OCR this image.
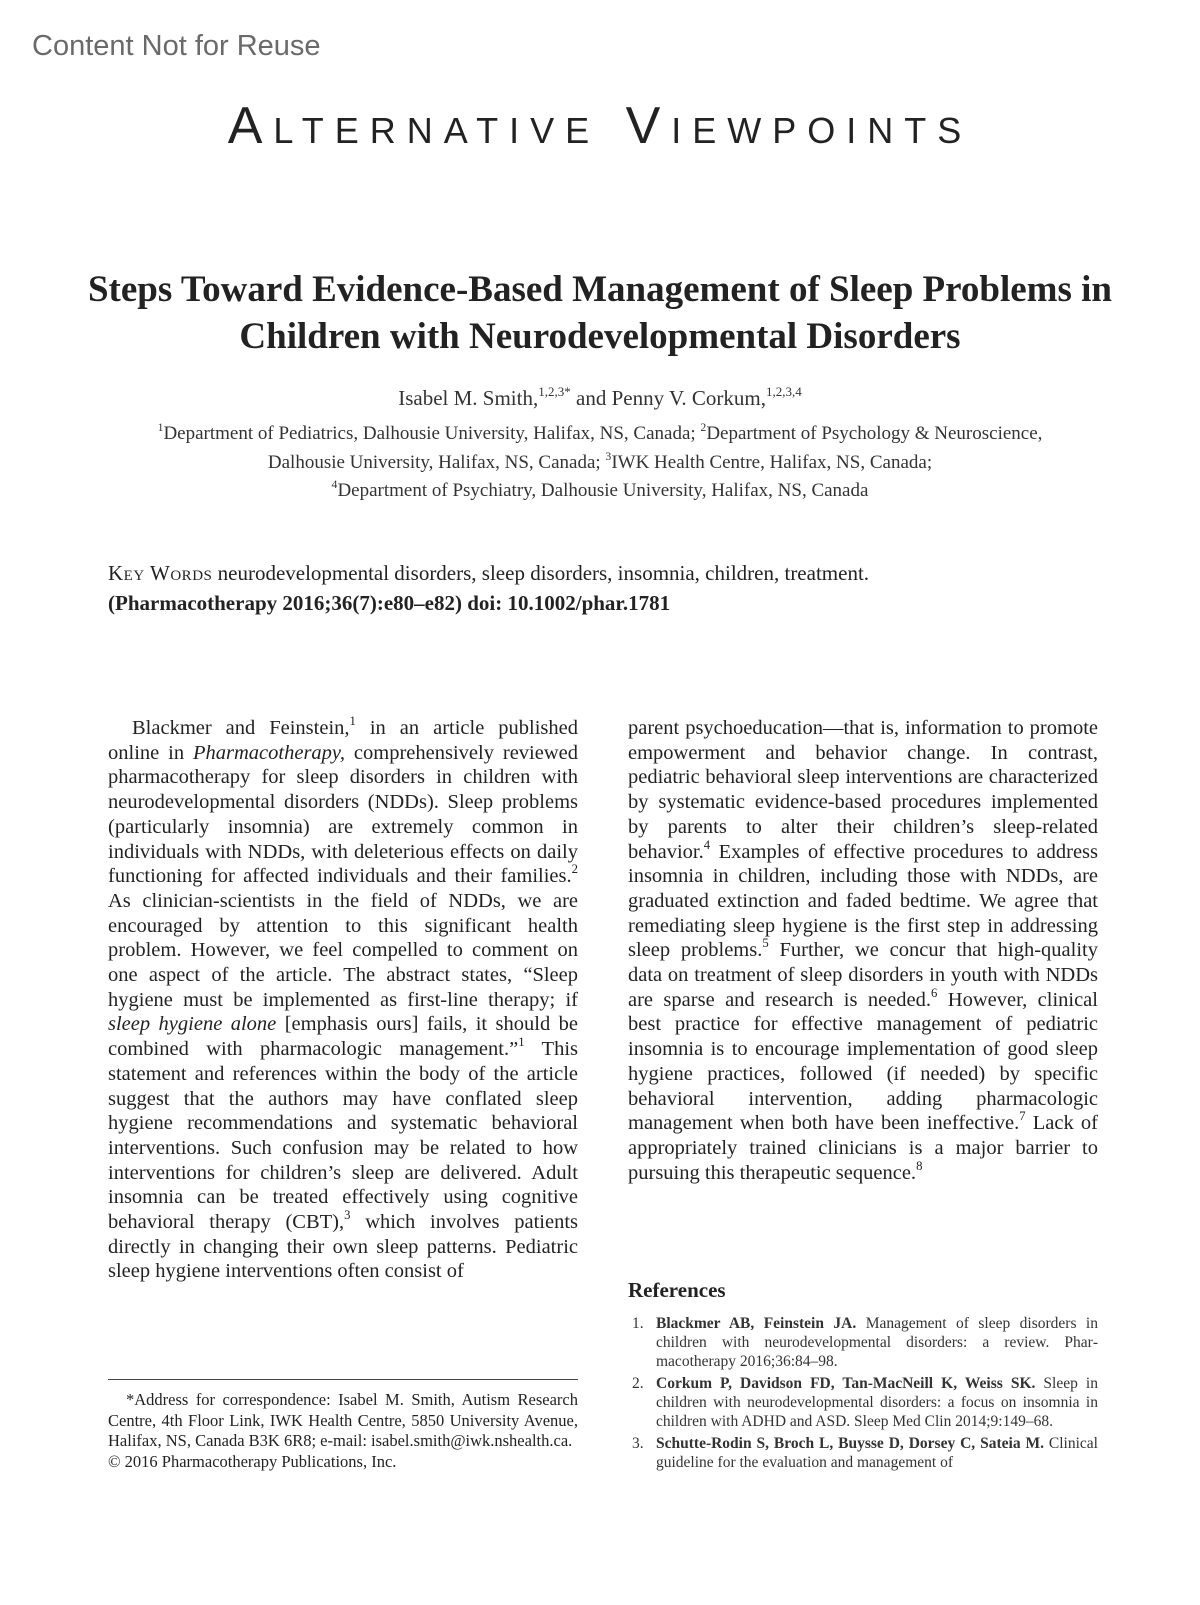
Content Not for Reuse
Alternative Viewpoints
Steps Toward Evidence-Based Management of Sleep Problems in Children with Neurodevelopmental Disorders
Isabel M. Smith,$^{1,2,3*}$ and Penny V. Corkum,$^{1,2,3,4}$
$^1$Department of Pediatrics, Dalhousie University, Halifax, NS, Canada; $^2$Department of Psychology & Neuroscience, Dalhousie University, Halifax, NS, Canada; $^3$IWK Health Centre, Halifax, NS, Canada;
$^4$Department of Psychiatry, Dalhousie University, Halifax, NS, Canada
Key Words neurodevelopmental disorders, sleep disorders, insomnia, children, treatment.
(Pharmacotherapy 2016;36(7):e80–e82) doi: 10.1002/phar.1781

Blackmer and Feinstein,$^1$ in an article published online in Pharmacotherapy, comprehensively reviewed pharmacotherapy for sleep disorders in children with neurodevelopmental disorders (NDDs). Sleep problems (particularly insomnia) are extremely common in individuals with NDDs, with deleterious effects on daily functioning for affected individuals and their families.$^2$ As clinician-scientists in the field of NDDs, we are encouraged by attention to this significant health problem. However, we feel compelled to comment on one aspect of the article. The abstract states, “Sleep hygiene must be implemented as first-line therapy; if sleep hygiene alone [emphasis ours] fails, it should be combined with pharmacologic management.”$^1$ This statement and references within the body of the article suggest that the authors may have conflated sleep hygiene recommendations and systematic behavioral interventions. Such confusion may be related to how interventions for children’s sleep are delivered. Adult insomnia can be treated effectively using cognitive behavioral therapy (CBT),$^3$ which involves patients directly in changing their own sleep patterns. Pediatric sleep hygiene interventions often consist of

*Address for correspondence: Isabel M. Smith, Autism Research Centre, 4th Floor Link, IWK Health Centre, 5850 University Avenue, Halifax, NS, Canada B3K 6R8; e-mail: isabel.smith@iwk.nshealth.ca.

© 2016 Pharmacotherapy Publications, Inc.

parent psychoeducation—that is, information to promote empowerment and behavior change. In contrast, pediatric behavioral sleep interventions are characterized by systematic evidence-based procedures implemented by parents to alter their children’s sleep-related behavior.$^4$ Examples of effective procedures to address insomnia in children, including those with NDDs, are graduated extinction and faded bedtime. We agree that remediating sleep hygiene is the first step in addressing sleep problems.$^5$ Further, we concur that high-quality data on treatment of sleep disorders in youth with NDDs are sparse and research is needed.$^6$ However, clinical best practice for effective management of pediatric insomnia is to encourage implementation of good sleep hygiene practices, followed (if needed) by specific behavioral intervention, adding pharmacologic management when both have been ineffective.$^7$ Lack of appropriately trained clinicians is a major barrier to pursuing this therapeutic sequence.$^8$

References
1. Blackmer AB, Feinstein JA. Management of sleep disorders in children with neurodevelopmental disorders: a review. Pharmacotherapy 2016;36:84–98.
2. Corkum P, Davidson FD, Tan-MacNeill K, Weiss SK. Sleep in children with neurodevelopmental disorders: a focus on insomnia in children with ADHD and ASD. Sleep Med Clin 2014;9:149–68.
3. Schutte-Rodin S, Broch L, Buysse D, Dorsey C, Sateia M. Clinical guideline for the evaluation and management of
